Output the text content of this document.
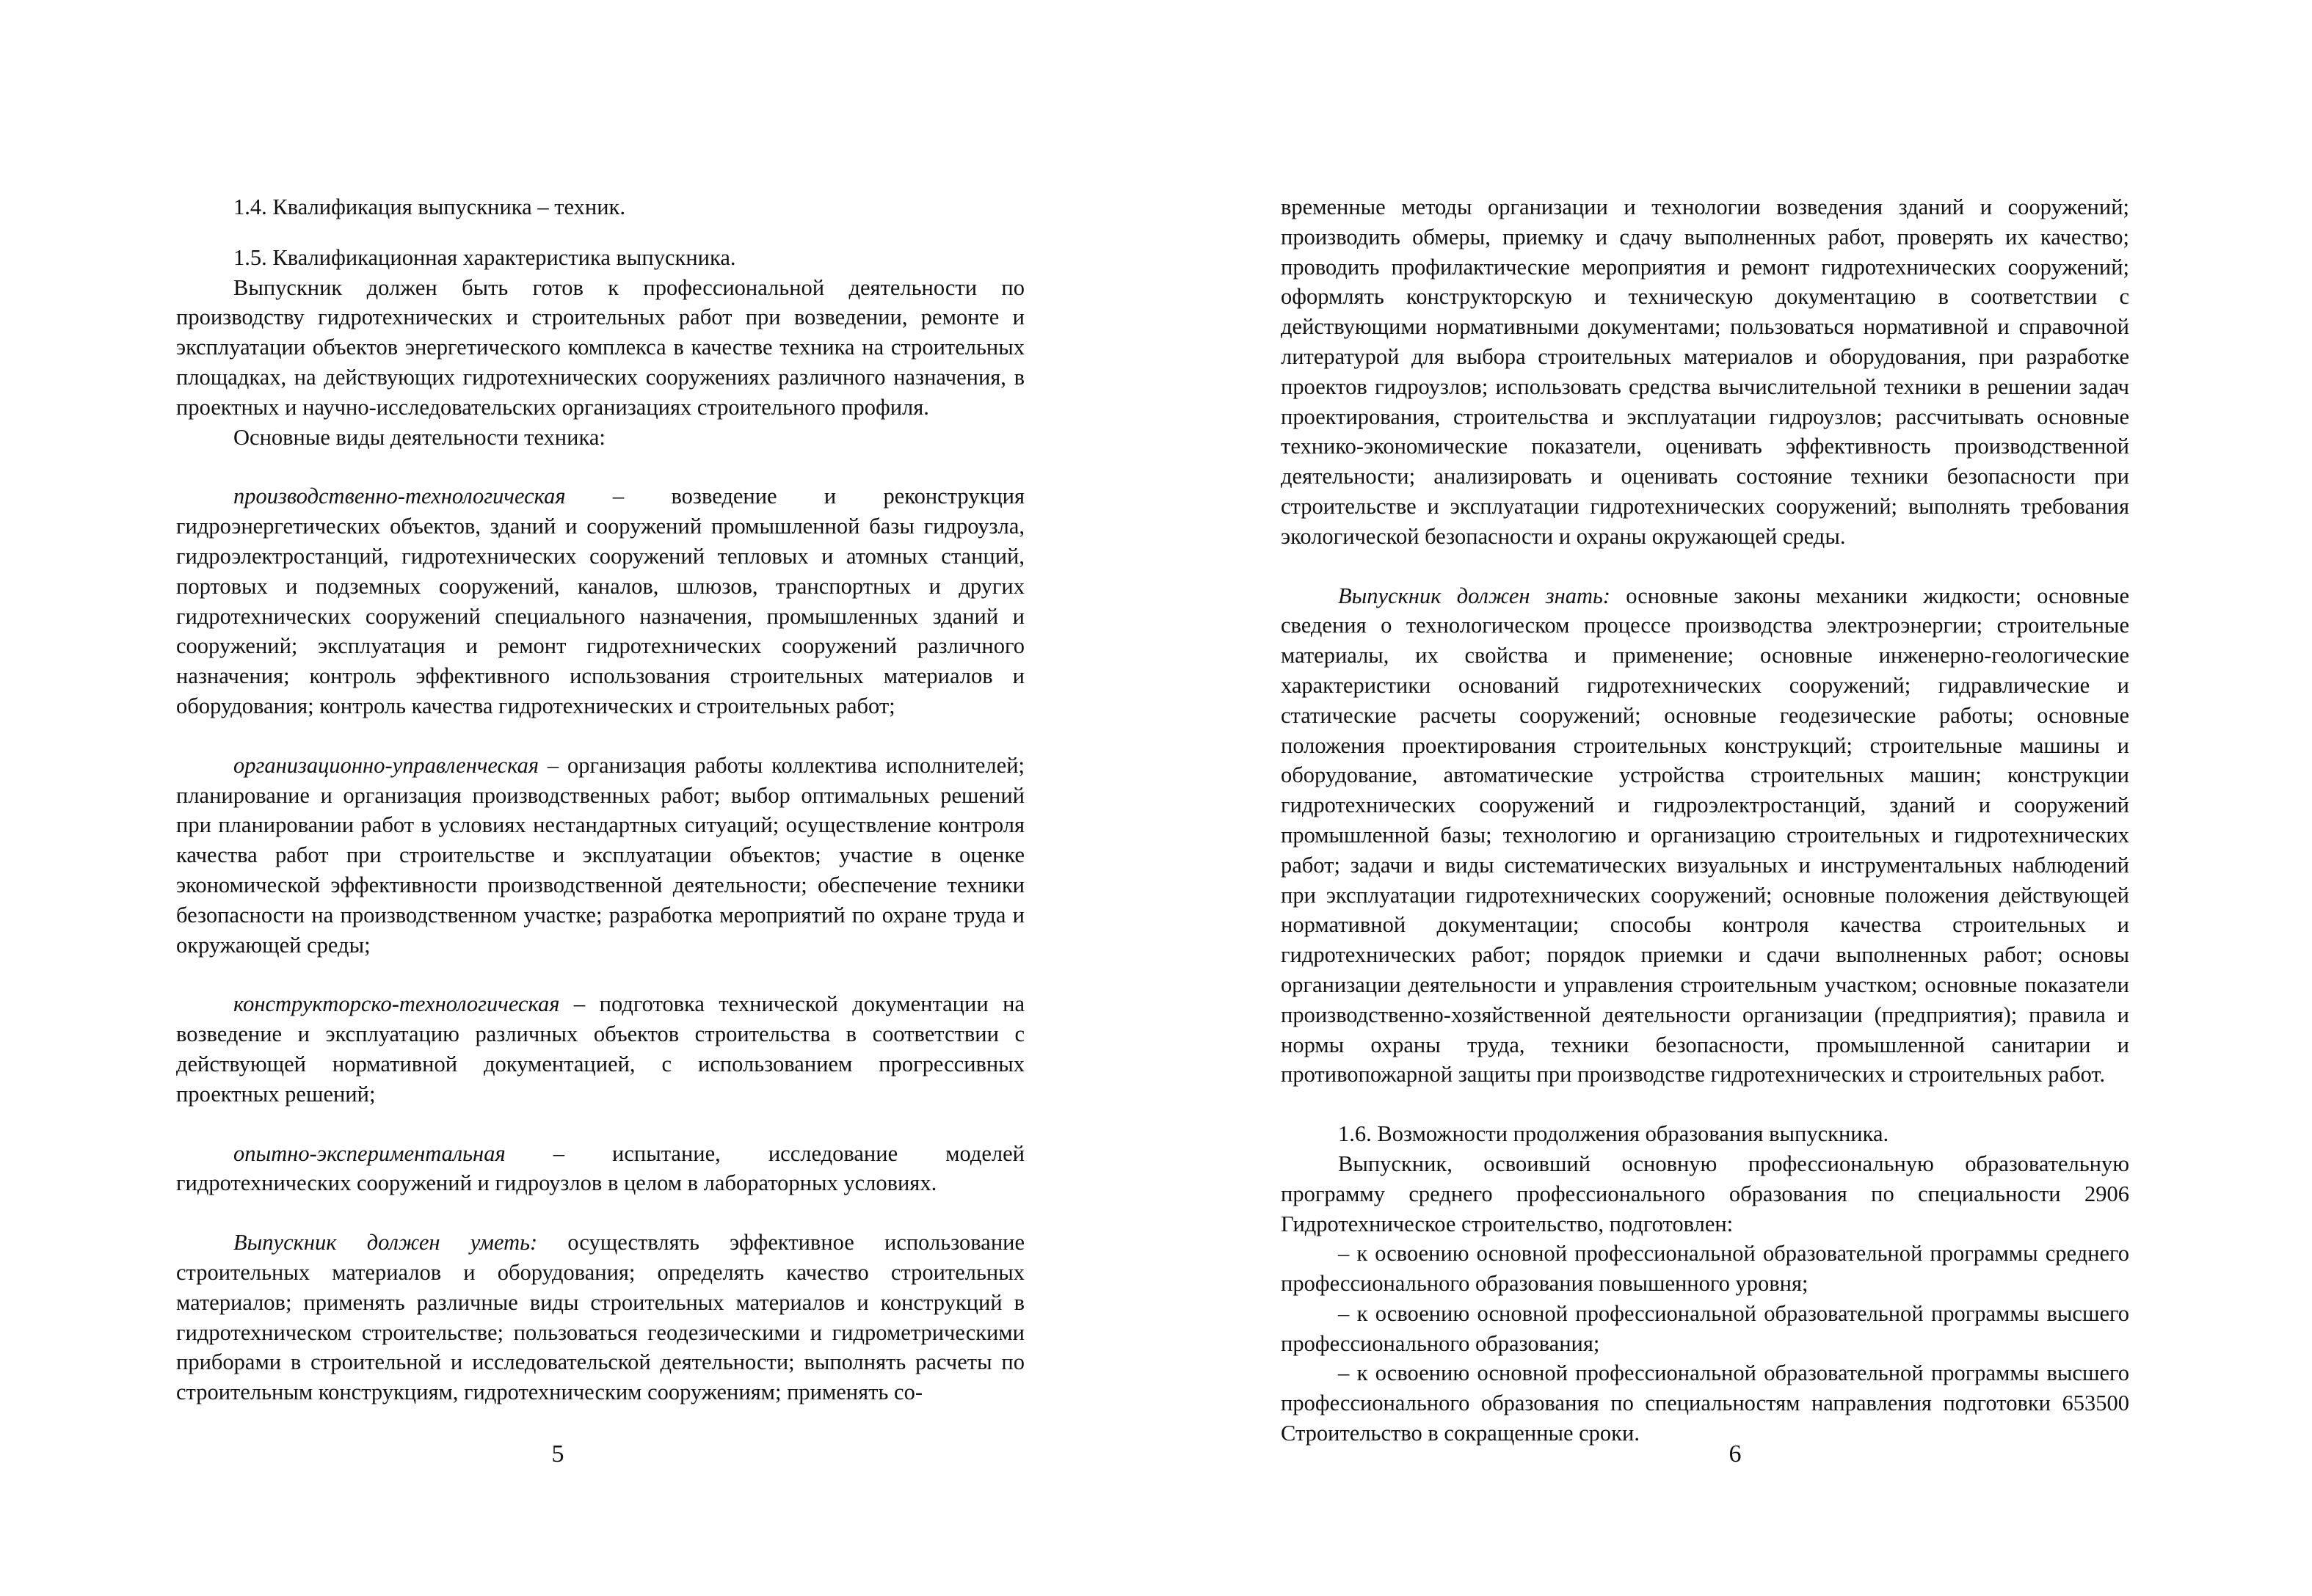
1.4. Квалификация выпускника – техник.

1.5. Квалификационная характеристика выпускника.

Выпускник должен быть готов к профессиональной деятельности по производству гидротехнических и строительных работ при возведении, ремонте и эксплуатации объектов энергетического комплекса в качестве техника на строительных площадках, на действующих гидротехнических сооружениях различного назначения, в проектных и научно-исследовательских организациях строительного профиля.

Основные виды деятельности техника:

производственно-технологическая – возведение и реконструкция гидроэнергетических объектов, зданий и сооружений промышленной базы гидроузла, гидроэлектростанций, гидротехнических сооружений тепловых и атомных станций, портовых и подземных сооружений, каналов, шлюзов, транспортных и других гидротехнических сооружений специального назначения, промышленных зданий и сооружений; эксплуатация и ремонт гидротехнических сооружений различного назначения; контроль эффективного использования строительных материалов и оборудования; контроль качества гидротехнических и строительных работ;

организационно-управленческая – организация работы коллектива исполнителей; планирование и организация производственных работ; выбор оптимальных решений при планировании работ в условиях нестандартных ситуаций; осуществление контроля качества работ при строительстве и эксплуатации объектов; участие в оценке экономической эффективности производственной деятельности; обеспечение техники безопасности на производственном участке; разработка мероприятий по охране труда и окружающей среды;

конструкторско-технологическая – подготовка технической документации на возведение и эксплуатацию различных объектов строительства в соответствии с действующей нормативной документацией, с использованием прогрессивных проектных решений;

опытно-экспериментальная – испытание, исследование моделей гидротехнических сооружений и гидроузлов в целом в лабораторных условиях.

Выпускник должен уметь: осуществлять эффективное использование строительных материалов и оборудования; определять качество строительных материалов; применять различные виды строительных материалов и конструкций в гидротехническом строительстве; пользоваться геодезическими и гидрометрическими приборами в строительной и исследовательской деятельности; выполнять расчеты по строительным конструкциям, гидротехническим сооружениям; применять со-

5

временные методы организации и технологии возведения зданий и сооружений; производить обмеры, приемку и сдачу выполненных работ, проверять их качество; проводить профилактические мероприятия и ремонт гидротехнических сооружений; оформлять конструкторскую и техническую документацию в соответствии с действующими нормативными документами; пользоваться нормативной и справочной литературой для выбора строительных материалов и оборудования, при разработке проектов гидроузлов; использовать средства вычислительной техники в решении задач проектирования, строительства и эксплуатации гидроузлов; рассчитывать основные технико-экономические показатели, оценивать эффективность производственной деятельности; анализировать и оценивать состояние техники безопасности при строительстве и эксплуатации гидротехнических сооружений; выполнять требования экологической безопасности и охраны окружающей среды.

Выпускник должен знать: основные законы механики жидкости; основные сведения о технологическом процессе производства электроэнергии; строительные материалы, их свойства и применение; основные инженерно-геологические характеристики оснований гидротехнических сооружений; гидравлические и статические расчеты сооружений; основные геодезические работы; основные положения проектирования строительных конструкций; строительные машины и оборудование, автоматические устройства строительных машин; конструкции гидротехнических сооружений и гидроэлектростанций, зданий и сооружений промышленной базы; технологию и организацию строительных и гидротехнических работ; задачи и виды систематических визуальных и инструментальных наблюдений при эксплуатации гидротехнических сооружений; основные положения действующей нормативной документации; способы контроля качества строительных и гидротехнических работ; порядок приемки и сдачи выполненных работ; основы организации деятельности и управления строительным участком; основные показатели производственно-хозяйственной деятельности организации (предприятия); правила и нормы охраны труда, техники безопасности, промышленной санитарии и противопожарной защиты при производстве гидротехнических и строительных работ.

1.6. Возможности продолжения образования выпускника.

Выпускник, освоивший основную профессиональную образовательную программу среднего профессионального образования по специальности 2906 Гидротехническое строительство, подготовлен:

– к освоению основной профессиональной образовательной программы среднего профессионального образования повышенного уровня;

– к освоению основной профессиональной образовательной программы высшего профессионального образования;

– к освоению основной профессиональной образовательной программы высшего профессионального образования по специальностям направления подготовки 653500 Строительство в сокращенные сроки.

6
